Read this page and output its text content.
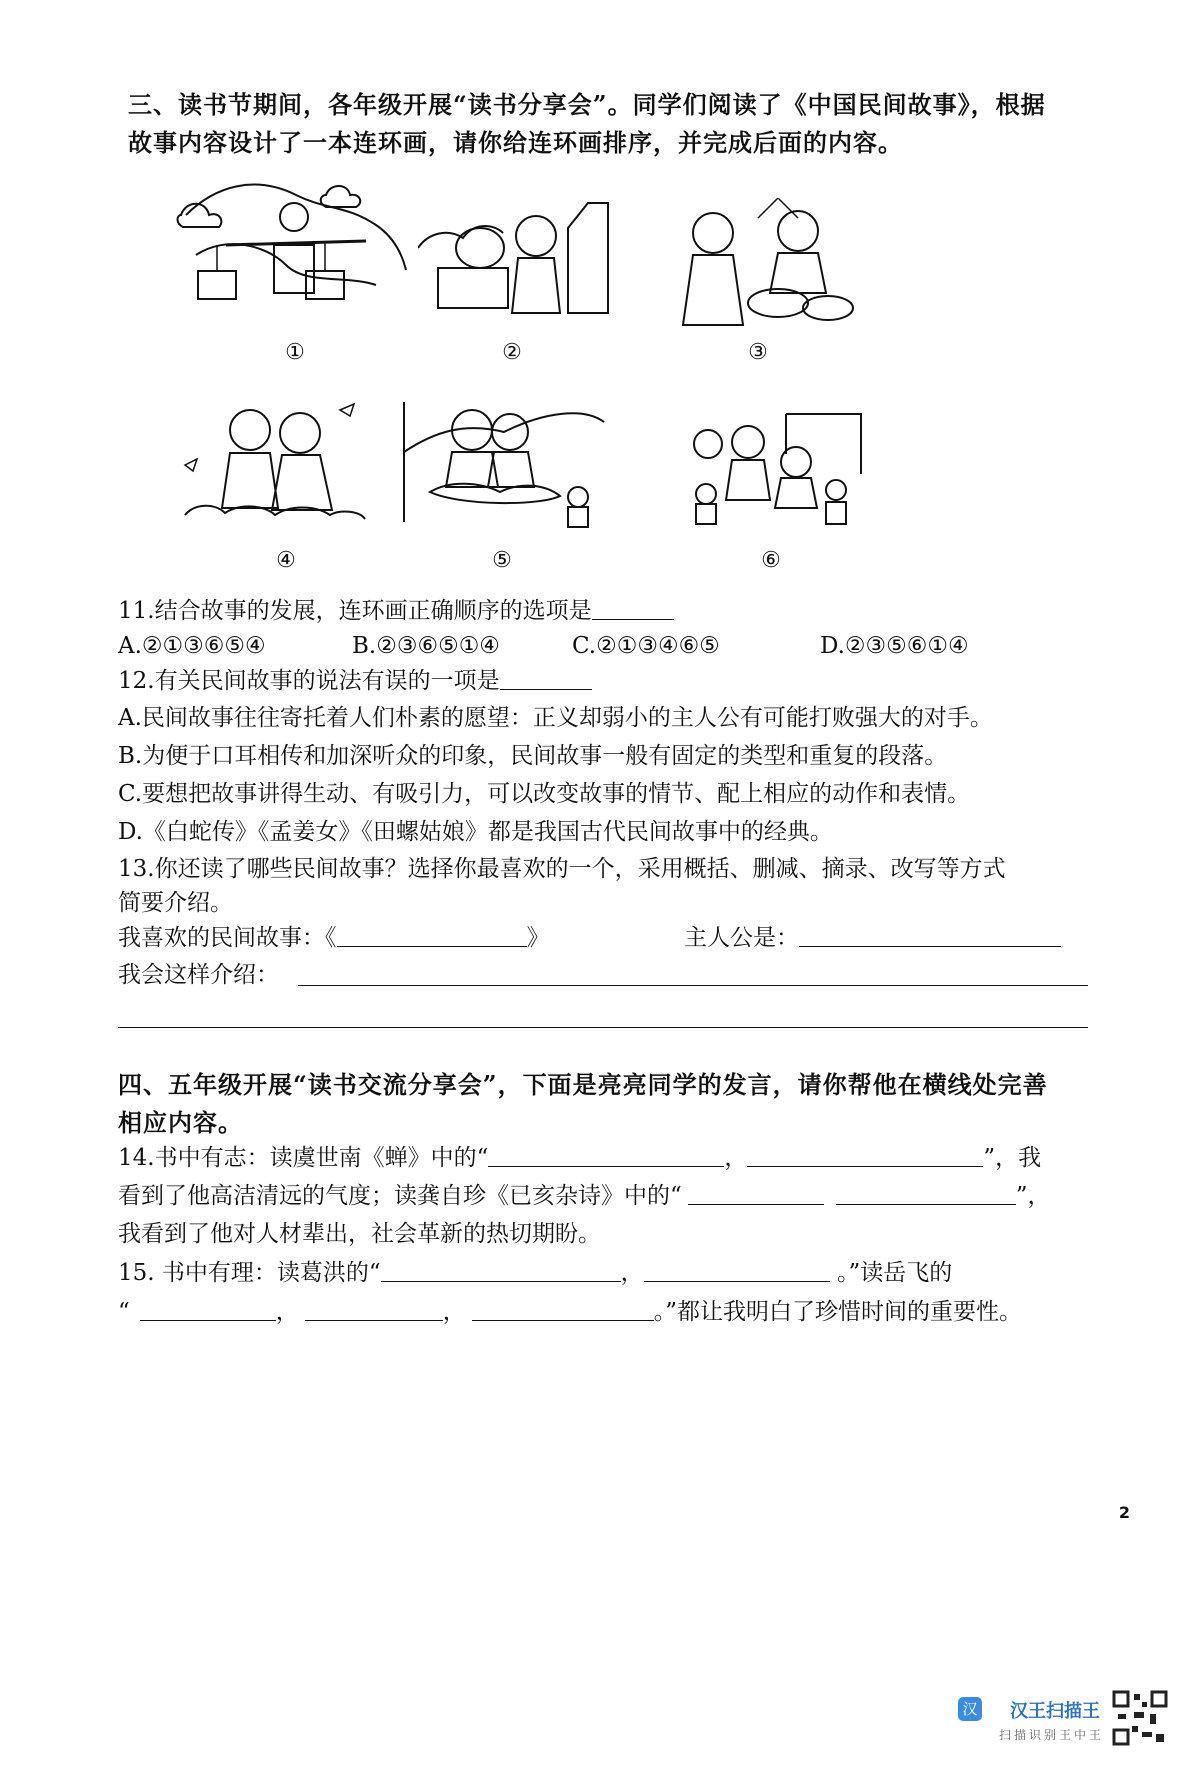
三、读书节期间，各年级开展“读书分享会”。同学们阅读了《中国民间故事》，根据
故事内容设计了一本连环画，请你给连环画排序，并完成后面的内容。
①	②	③
④	⑤	⑥
11.结合故事的发展，连环画正确顺序的选项是
A.②①③⑥⑤④	B.②③⑥⑤①④	C.②①③④⑥⑤	D.②③⑤⑥①④
12.有关民间故事的说法有误的一项是
A.民间故事往往寄托着人们朴素的愿望：正义却弱小的主人公有可能打败强大的对手。
B.为便于口耳相传和加深听众的印象，民间故事一般有固定的类型和重复的段落。
C.要想把故事讲得生动、有吸引力，可以改变故事的情节、配上相应的动作和表情。
D.《白蛇传》《孟姜女》《田螺姑娘》都是我国古代民间故事中的经典。
13.你还读了哪些民间故事？选择你最喜欢的一个，采用概括、删减、摘录、改写等方式
简要介绍。
我喜欢的民间故事：《	》	主人公是：
我会这样介绍：
四、五年级开展“读书交流分享会”，下面是亮亮同学的发言，请你帮他在横线处完善
相应内容。
14.书中有志：读虞世南《蝉》中的“	，	”，我
看到了他高洁清远的气度；读龚自珍《已亥杂诗》中的“	”，
我看到了他对人材辈出，社会革新的热切期盼。
15. 书中有理：读葛洪的“	，	。”读岳飞的
“	，	，	。”都让我明白了珍惜时间的重要性。
2
汉 汉王扫描王
扫描识别王中王
